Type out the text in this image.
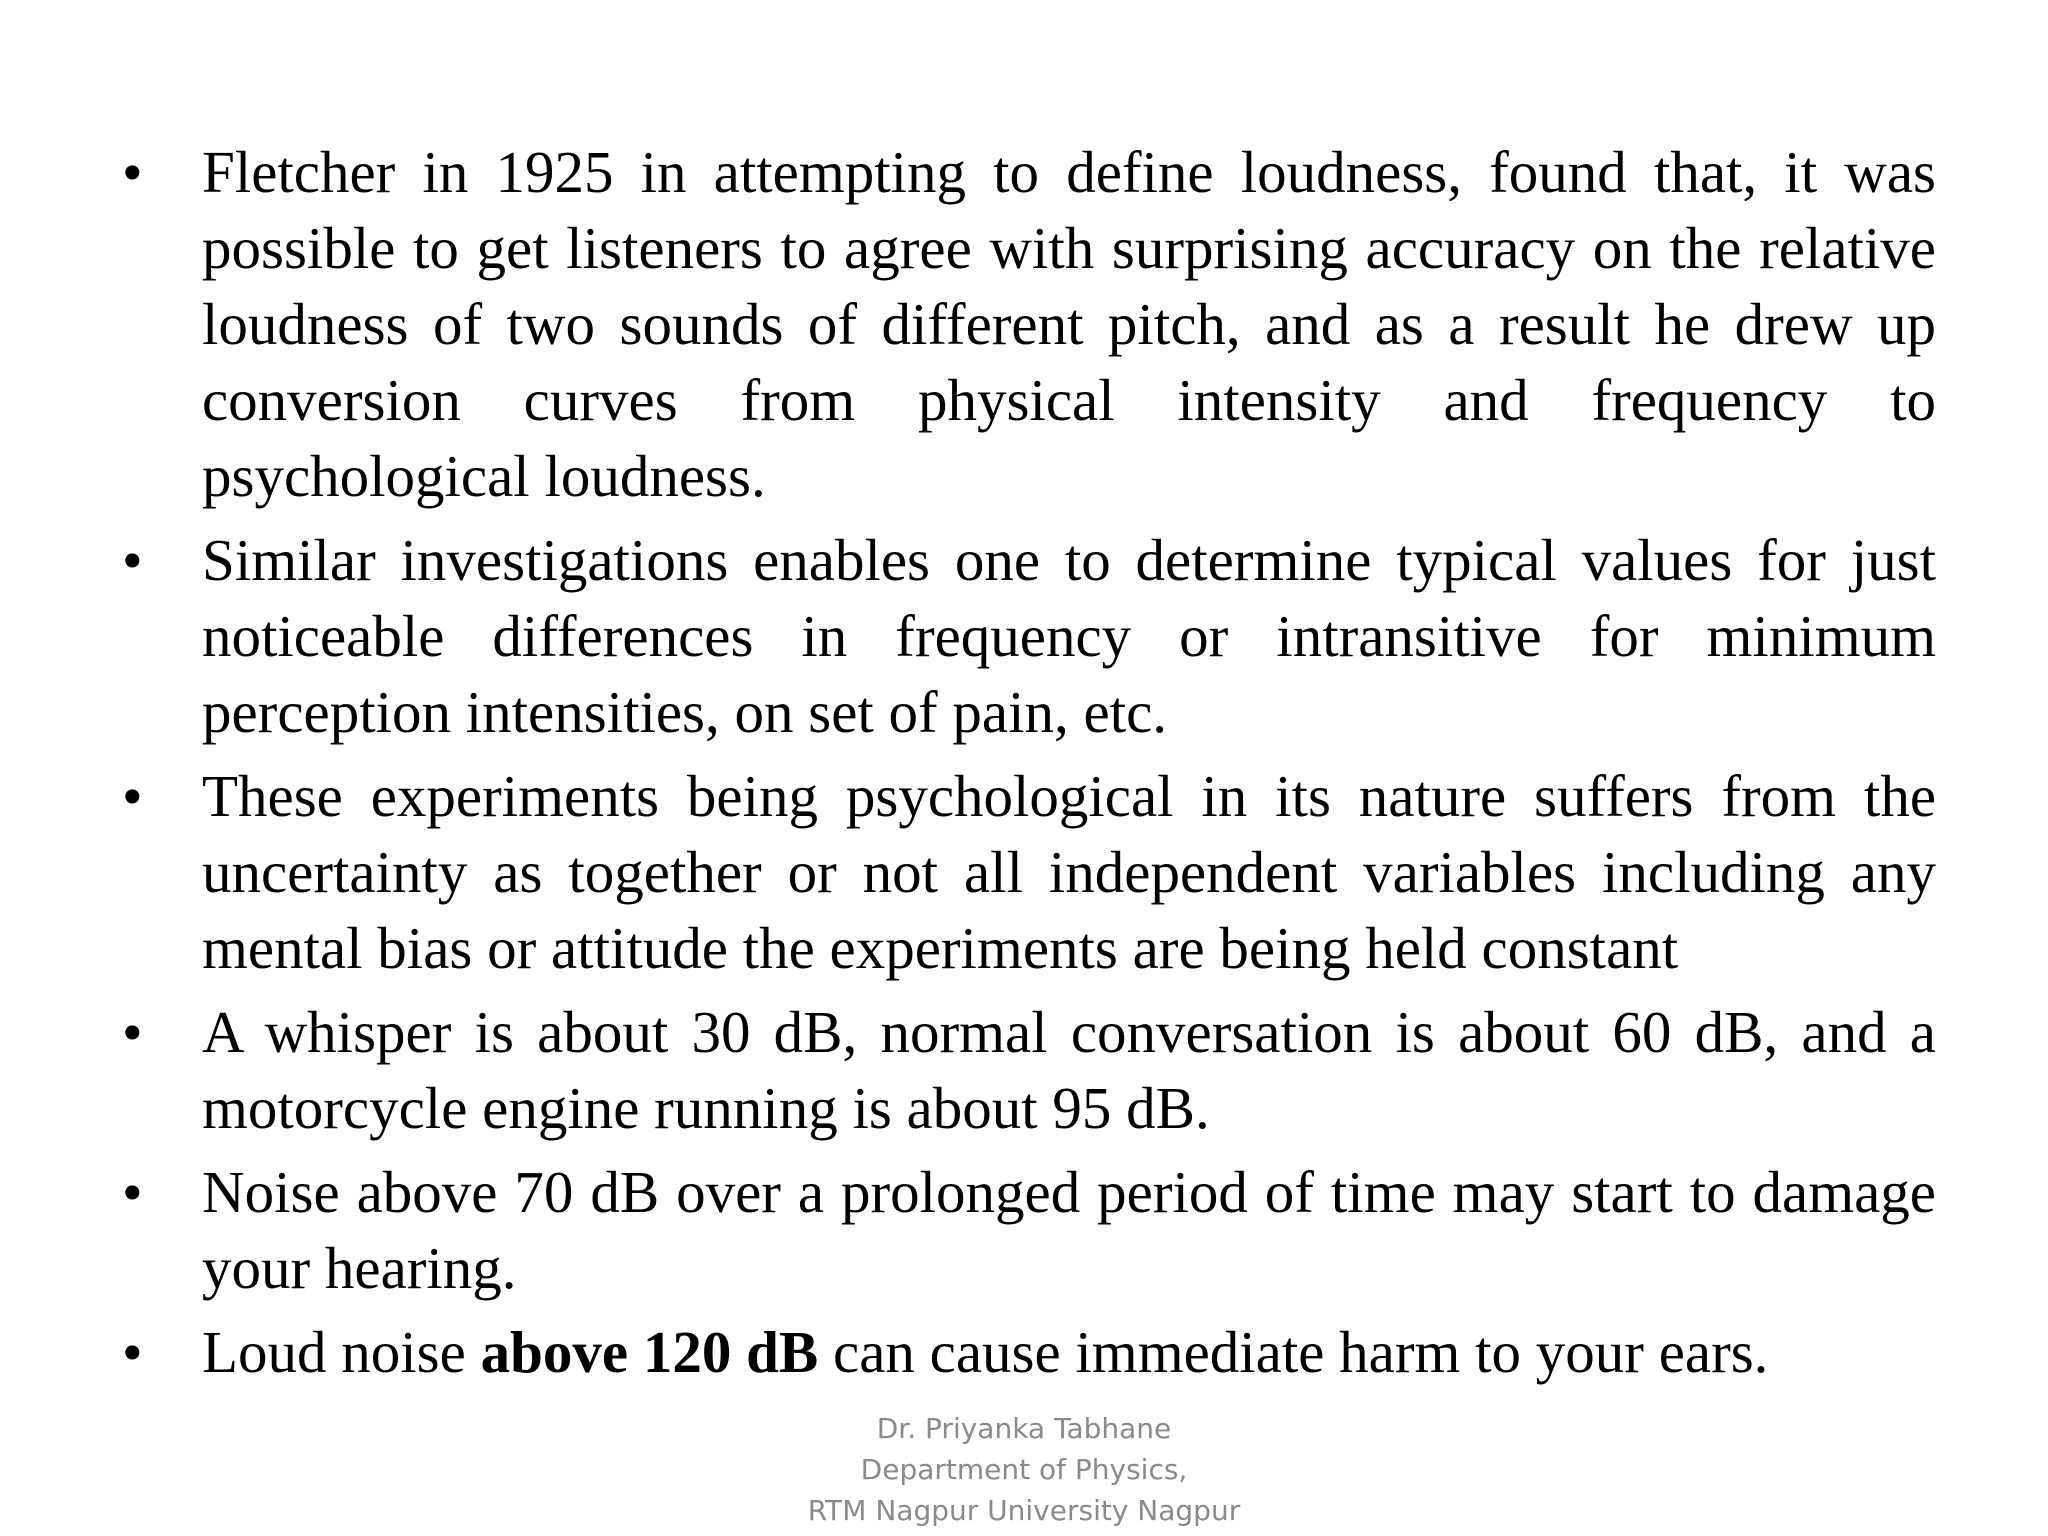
•	Fletcher in 1925 in attempting to define loudness, found that, it was possible to get listeners to agree with surprising accuracy on the relative loudness of two sounds of different pitch, and as a result he drew up conversion curves from physical intensity and frequency to psychological loudness.
•	Similar investigations enables one to determine typical values for just noticeable differences in frequency or intransitive for minimum perception intensities, on set of pain, etc.
•	These experiments being psychological in its nature suffers from the uncertainty as together or not all independent variables including any mental bias or attitude the experiments are being held constant
•	A whisper is about 30 dB, normal conversation is about 60 dB, and a motorcycle engine running is about 95 dB.
•	Noise above 70 dB over a prolonged period of time may start to damage your hearing.
•	Loud noise above 120 dB can cause immediate harm to your ears.
Dr. Priyanka Tabhane
Department of Physics,
RTM Nagpur University Nagpur
